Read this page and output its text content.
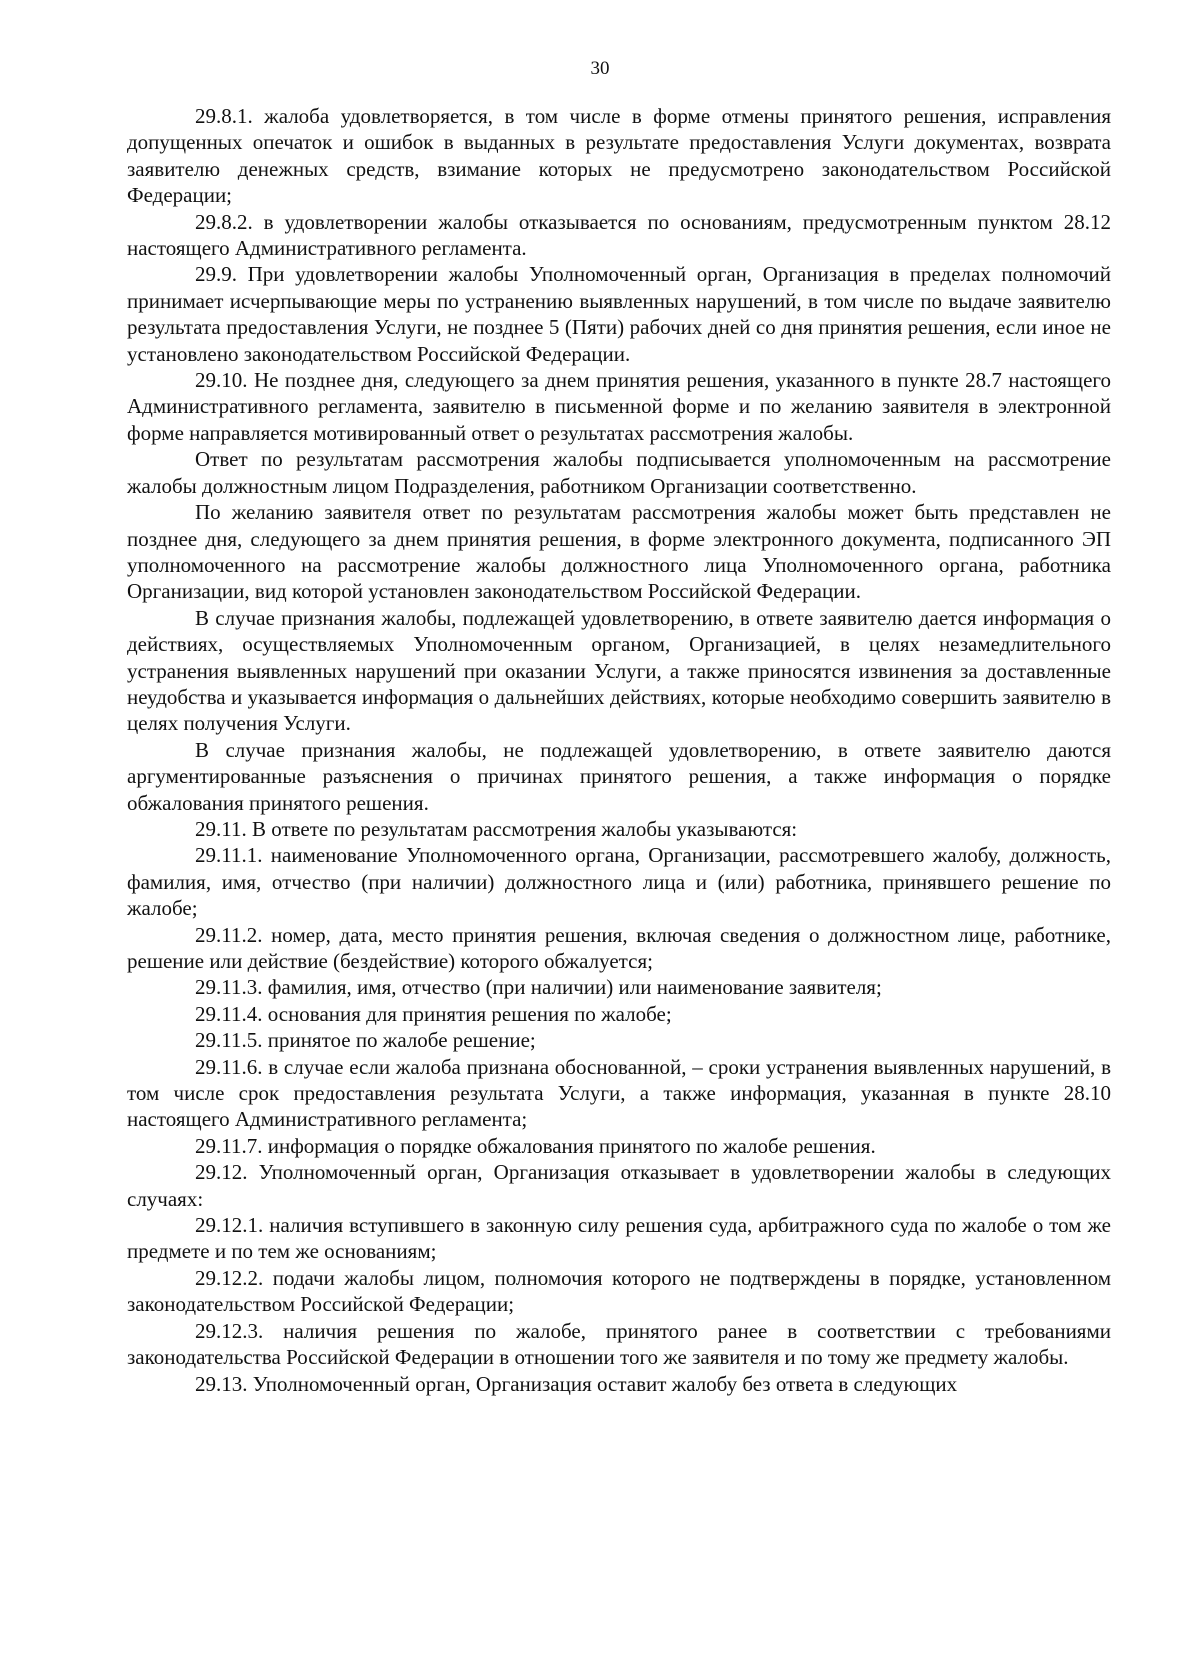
30

29.8.1. жалоба удовлетворяется, в том числе в форме отмены принятого решения, исправления допущенных опечаток и ошибок в выданных в результате предоставления Услуги документах, возврата заявителю денежных средств, взимание которых не предусмотрено законодательством Российской Федерации;

29.8.2. в удовлетворении жалобы отказывается по основаниям, предусмотренным пунктом 28.12 настоящего Административного регламента.

29.9. При удовлетворении жалобы Уполномоченный орган, Организация в пределах полномочий принимает исчерпывающие меры по устранению выявленных нарушений, в том числе по выдаче заявителю результата предоставления Услуги, не позднее 5 (Пяти) рабочих дней со дня принятия решения, если иное не установлено законодательством Российской Федерации.

29.10. Не позднее дня, следующего за днем принятия решения, указанного в пункте 28.7 настоящего Административного регламента, заявителю в письменной форме и по желанию заявителя в электронной форме направляется мотивированный ответ о результатах рассмотрения жалобы.

Ответ по результатам рассмотрения жалобы подписывается уполномоченным на рассмотрение жалобы должностным лицом Подразделения, работником Организации соответственно.

По желанию заявителя ответ по результатам рассмотрения жалобы может быть представлен не позднее дня, следующего за днем принятия решения, в форме электронного документа, подписанного ЭП уполномоченного на рассмотрение жалобы должностного лица Уполномоченного органа, работника Организации, вид которой установлен законодательством Российской Федерации.

В случае признания жалобы, подлежащей удовлетворению, в ответе заявителю дается информация о действиях, осуществляемых Уполномоченным органом, Организацией, в целях незамедлительного устранения выявленных нарушений при оказании Услуги, а также приносятся извинения за доставленные неудобства и указывается информация о дальнейших действиях, которые необходимо совершить заявителю в целях получения Услуги.

В случае признания жалобы, не подлежащей удовлетворению, в ответе заявителю даются аргументированные разъяснения о причинах принятого решения, а также информация о порядке обжалования принятого решения.

29.11. В ответе по результатам рассмотрения жалобы указываются:

29.11.1. наименование Уполномоченного органа, Организации, рассмотревшего жалобу, должность, фамилия, имя, отчество (при наличии) должностного лица и (или) работника, принявшего решение по жалобе;

29.11.2. номер, дата, место принятия решения, включая сведения о должностном лице, работнике, решение или действие (бездействие) которого обжалуется;

29.11.3. фамилия, имя, отчество (при наличии) или наименование заявителя;

29.11.4. основания для принятия решения по жалобе;

29.11.5. принятое по жалобе решение;

29.11.6. в случае если жалоба признана обоснованной, – сроки устранения выявленных нарушений, в том числе срок предоставления результата Услуги, а также информация, указанная в пункте 28.10 настоящего Административного регламента;

29.11.7. информация о порядке обжалования принятого по жалобе решения.

29.12. Уполномоченный орган, Организация отказывает в удовлетворении жалобы в следующих случаях:

29.12.1. наличия вступившего в законную силу решения суда, арбитражного суда по жалобе о том же предмете и по тем же основаниям;

29.12.2. подачи жалобы лицом, полномочия которого не подтверждены в порядке, установленном законодательством Российской Федерации;

29.12.3. наличия решения по жалобе, принятого ранее в соответствии с требованиями законодательства Российской Федерации в отношении того же заявителя и по тому же предмету жалобы.

29.13. Уполномоченный орган, Организация оставит жалобу без ответа в следующих
